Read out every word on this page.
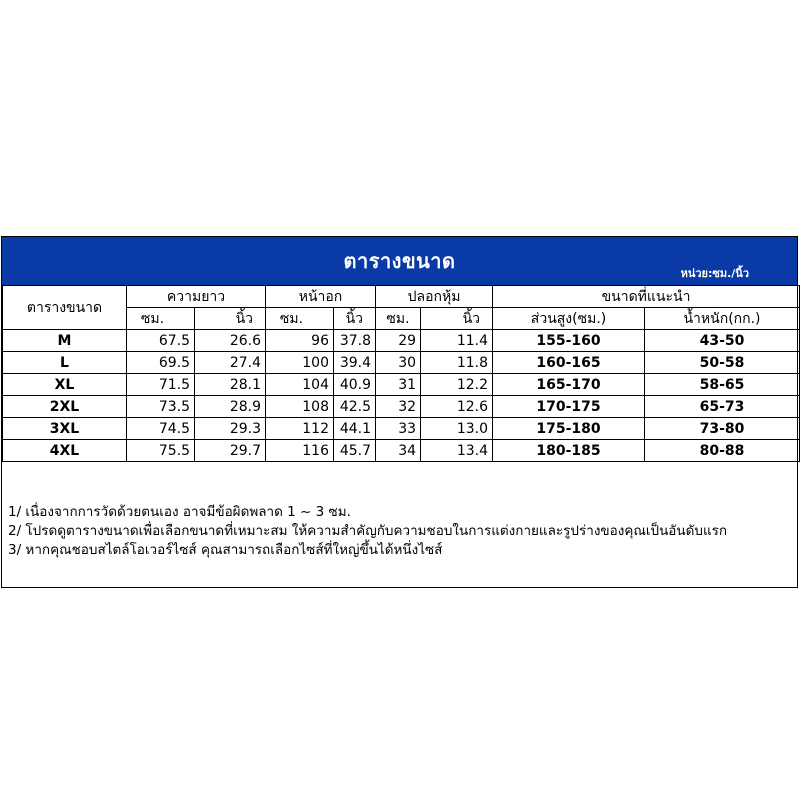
ตารางขนาด
หน่วย:ซม./นิ้ว
ตารางขนาด	ความยาว		หน้าอก		ปลอกหุ้ม		ขนาดที่แนะนำ	
	ซม.	นิ้ว	ซม.	นิ้ว	ซม.	นิ้ว	ส่วนสูง(ซม.)	น้ำหนัก(กก.)
M	67.5	26.6	96	37.8	29	11.4	155-160	43-50
L	69.5	27.4	100	39.4	30	11.8	160-165	50-58
XL	71.5	28.1	104	40.9	31	12.2	165-170	58-65
2XL	73.5	28.9	108	42.5	32	12.6	170-175	65-73
3XL	74.5	29.3	112	44.1	33	13.0	175-180	73-80
4XL	75.5	29.7	116	45.7	34	13.4	180-185	80-88

1/ เนื่องจากการวัดด้วยตนเอง อาจมีข้อผิดพลาด 1 ~ 3 ซม.

2/ โปรดดูตารางขนาดเพื่อเลือกขนาดที่เหมาะสม ให้ความสำคัญกับความชอบในการแต่งกายและรูปร่างของคุณเป็นอันดับแรก

3/ หากคุณชอบสไตล์โอเวอร์ไซส์ คุณสามารถเลือกไซส์ที่ใหญ่ขึ้นได้หนึ่งไซส์
